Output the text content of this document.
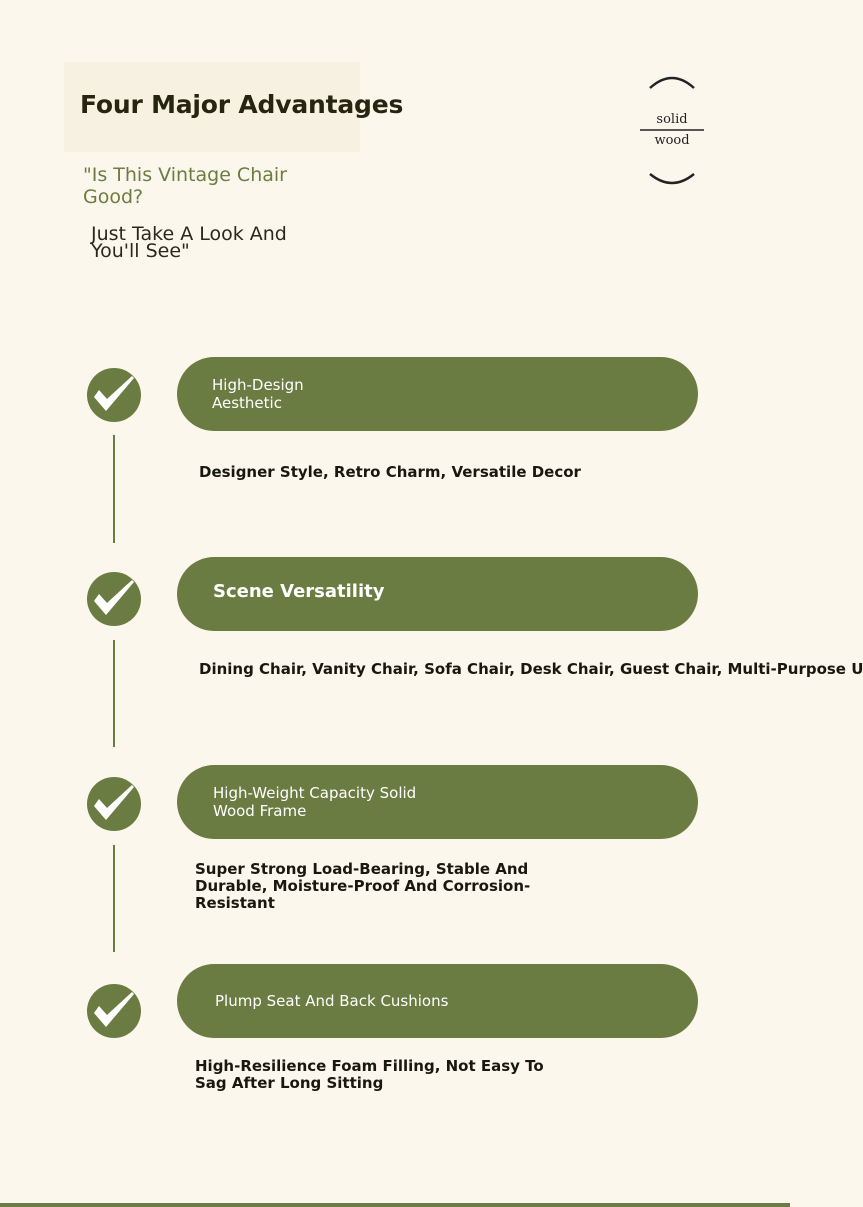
Four Major Advantages
"Is This Vintage Chair Good?
Just Take A Look And You'll See"
solid
wood
High-Design Aesthetic
Designer Style, Retro Charm, Versatile Decor
Scene Versatility
Dining Chair, Vanity Chair, Sofa Chair, Desk Chair, Guest Chair, Multi-Purpose U
High-Weight Capacity Solid Wood Frame
Super Strong Load-Bearing, Stable And Durable, Moisture-Proof And Corrosion-Resistant
Plump Seat And Back Cushions
High-Resilience Foam Filling, Not Easy To Sag After Long Sitting
